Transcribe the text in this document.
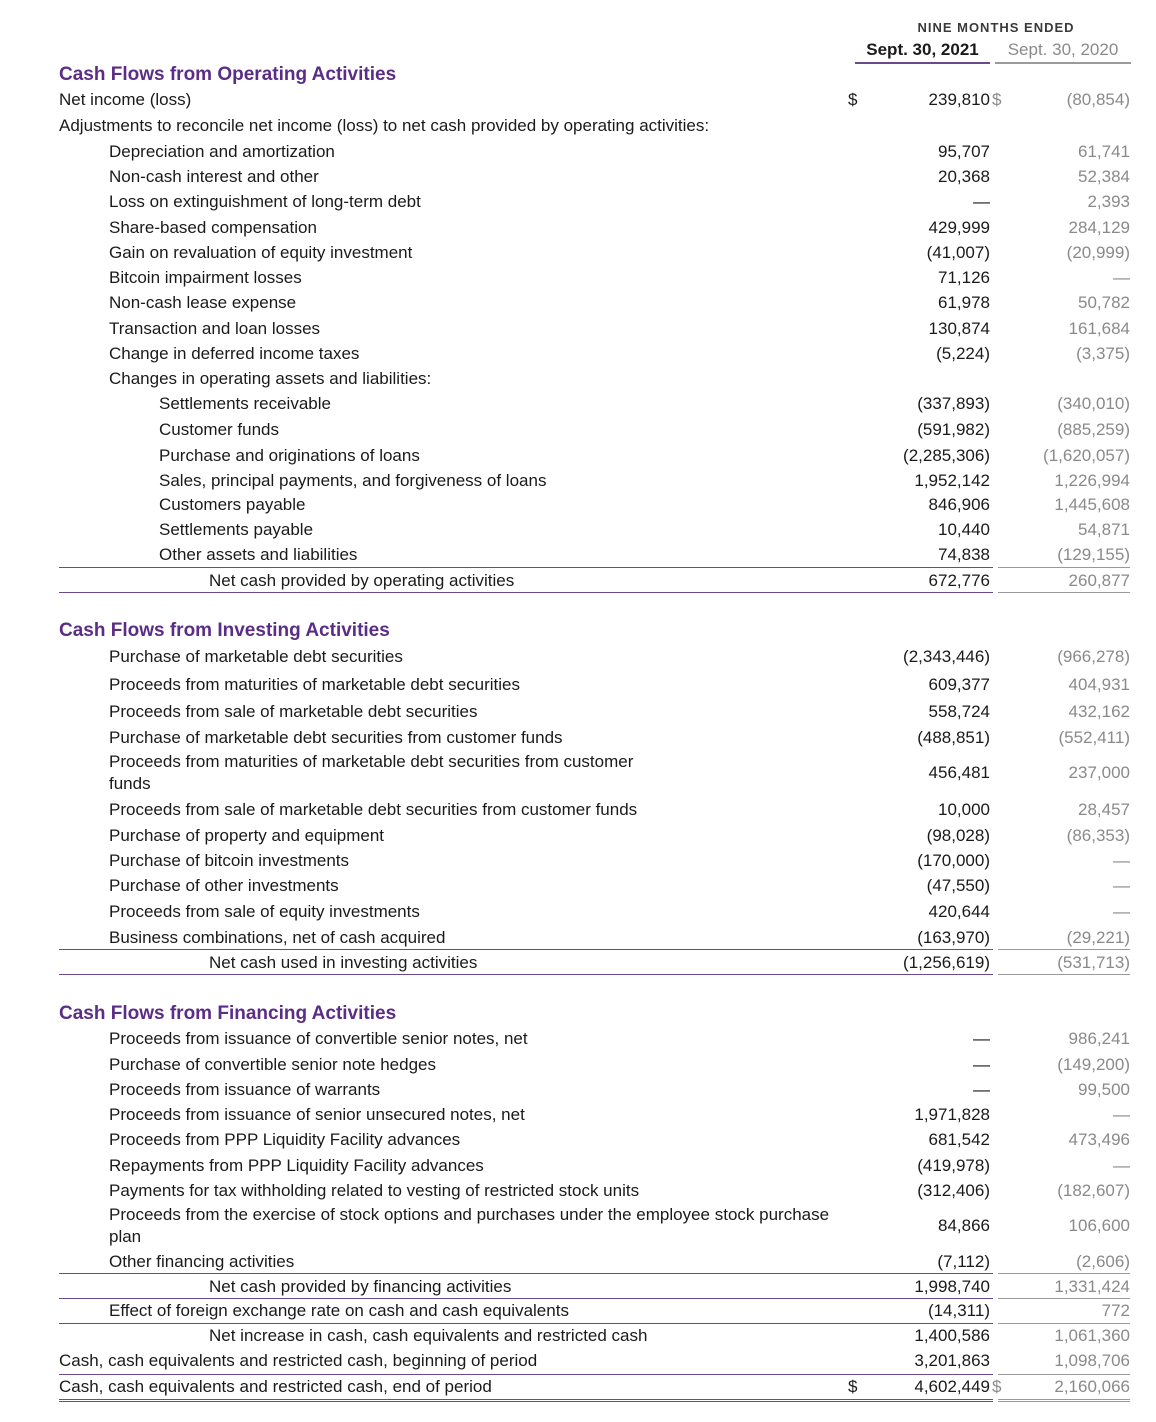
NINE MONTHS ENDED
Sept. 30, 2021	Sept. 30, 2020
Cash Flows from Operating Activities
Net income (loss)	239,810	(80,854)
$	$
Adjustments to reconcile net income (loss) to net cash provided by operating activities:
Depreciation and amortization	95,707	61,741
Non-cash interest and other	20,368	52,384
Loss on extinguishment of long-term debt	—	2,393
Share-based compensation	429,999	284,129
Gain on revaluation of equity investment	(41,007)	(20,999)
Bitcoin impairment losses	71,126	—
Non-cash lease expense	61,978	50,782
Transaction and loan losses	130,874	161,684
Change in deferred income taxes	(5,224)	(3,375)
Changes in operating assets and liabilities:
Settlements receivable	(337,893)	(340,010)
Customer funds	(591,982)	(885,259)
Purchase and originations of loans	(2,285,306)	(1,620,057)
Sales, principal payments, and forgiveness of loans	1,952,142	1,226,994
Customers payable	846,906	1,445,608
Settlements payable	10,440	54,871
Other assets and liabilities	74,838	(129,155)
Net cash provided by operating activities	672,776	260,877
Cash Flows from Investing Activities
Purchase of marketable debt securities	(2,343,446)	(966,278)
Proceeds from maturities of marketable debt securities	609,377	404,931
Proceeds from sale of marketable debt securities	558,724	432,162
Purchase of marketable debt securities from customer funds	(488,851)	(552,411)
Proceeds from maturities of marketable debt securities from customer funds
456,481	237,000
Proceeds from sale of marketable debt securities from customer funds	10,000	28,457
Purchase of property and equipment	(98,028)	(86,353)
Purchase of bitcoin investments	(170,000)	—
Purchase of other investments	(47,550)	—
Proceeds from sale of equity investments	420,644	—
Business combinations, net of cash acquired	(163,970)	(29,221)
Net cash used in investing activities	(1,256,619)	(531,713)
Cash Flows from Financing Activities
Proceeds from issuance of convertible senior notes, net	—	986,241
Purchase of convertible senior note hedges	—	(149,200)
Proceeds from issuance of warrants	—	99,500
Proceeds from issuance of senior unsecured notes, net	1,971,828	—
Proceeds from PPP Liquidity Facility advances	681,542	473,496
Repayments from PPP Liquidity Facility advances	(419,978)	—
Payments for tax withholding related to vesting of restricted stock units	(312,406)	(182,607)
Proceeds from the exercise of stock options and purchases under the employee stock purchase plan
84,866	106,600
Other financing activities	(7,112)	(2,606)
Net cash provided by financing activities	1,998,740	1,331,424
Effect of foreign exchange rate on cash and cash equivalents	(14,311)	772
Net increase in cash, cash equivalents and restricted cash	1,400,586	1,061,360
Cash, cash equivalents and restricted cash, beginning of period	3,201,863	1,098,706
Cash, cash equivalents and restricted cash, end of period	4,602,449	2,160,066
$	$
